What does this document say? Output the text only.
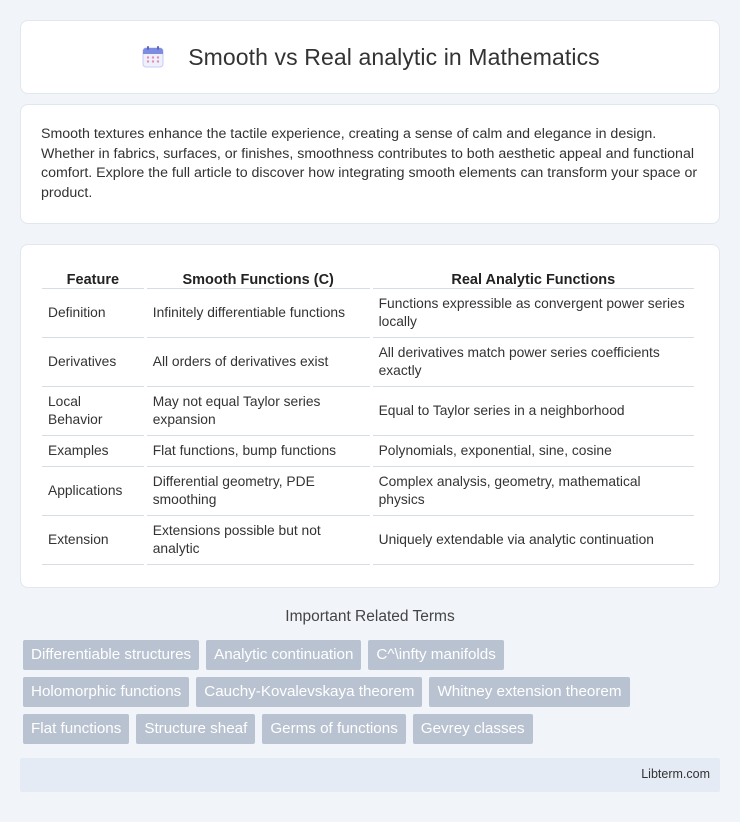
Smooth vs Real analytic in Mathematics

Smooth textures enhance the tactile experience, creating a sense of calm and elegance in design. Whether in fabrics, surfaces, or finishes, smoothness contributes to both aesthetic appeal and functional comfort. Explore the full article to discover how integrating smooth elements can transform your space or product.

Feature	Smooth Functions (C)	Real Analytic Functions
Definition	Infinitely differentiable functions	Functions expressible as convergent power series locally
Derivatives	All orders of derivatives exist	All derivatives match power series coefficients exactly
Local Behavior	May not equal Taylor series expansion	Equal to Taylor series in a neighborhood
Examples	Flat functions, bump functions	Polynomials, exponential, sine, cosine
Applications	Differential geometry, PDE smoothing	Complex analysis, geometry, mathematical physics
Extension	Extensions possible but not analytic	Uniquely extendable via analytic continuation
Important Related Terms
Differentiable structures	Analytic continuation	C^\infty manifolds
Holomorphic functions	Cauchy-Kovalevskaya theorem	Whitney extension theorem
Flat functions	Structure sheaf	Germs of functions	Gevrey classes
Libterm.com
